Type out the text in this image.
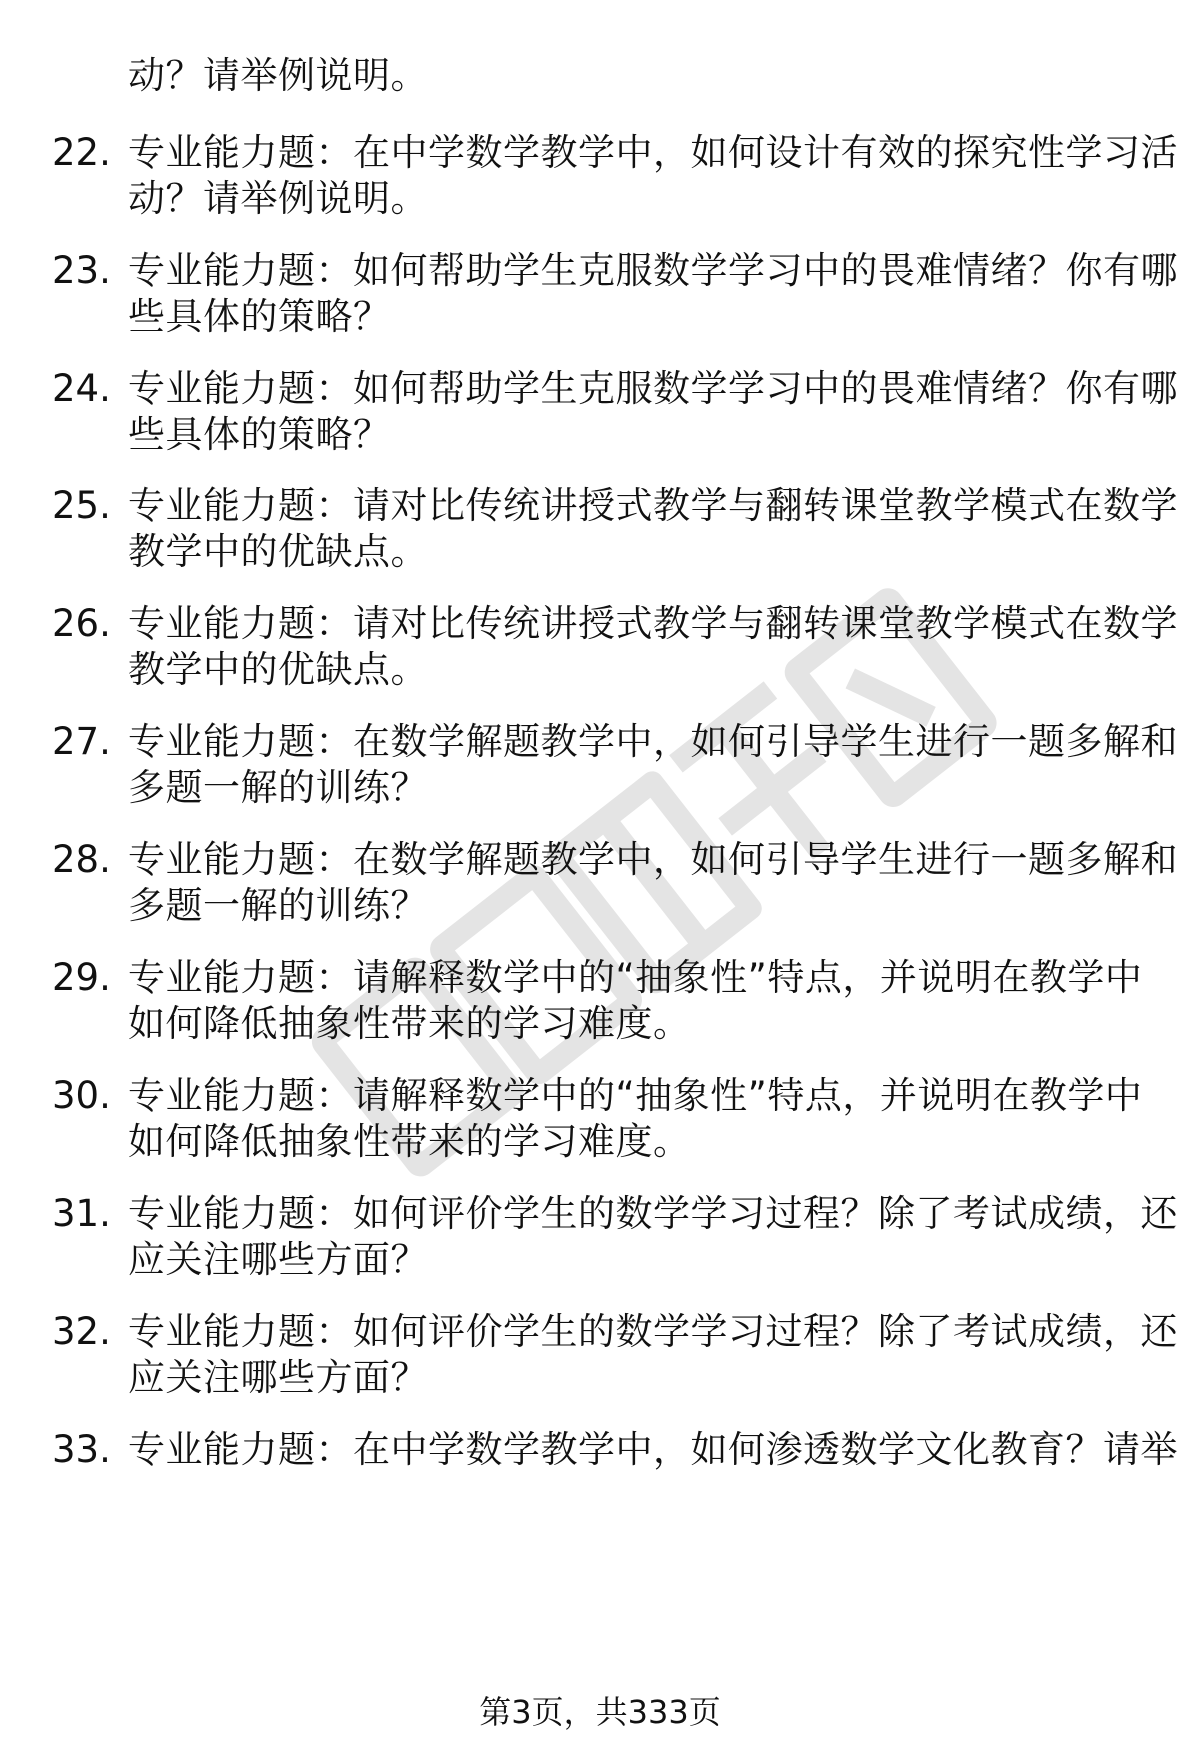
动？请举例说明。
22. 专业能力题：在中学数学教学中，如何设计有效的探究性学习活
动？请举例说明。
23. 专业能力题：如何帮助学生克服数学学习中的畏难情绪？你有哪
些具体的策略？
24. 专业能力题：如何帮助学生克服数学学习中的畏难情绪？你有哪
些具体的策略？
25. 专业能力题：请对比传统讲授式教学与翻转课堂教学模式在数学
教学中的优缺点。
26. 专业能力题：请对比传统讲授式教学与翻转课堂教学模式在数学
教学中的优缺点。
27. 专业能力题：在数学解题教学中，如何引导学生进行一题多解和
多题一解的训练？
28. 专业能力题：在数学解题教学中，如何引导学生进行一题多解和
多题一解的训练？
29. 专业能力题：请解释数学中的“抽象性”特点，并说明在教学中
如何降低抽象性带来的学习难度。
30. 专业能力题：请解释数学中的“抽象性”特点，并说明在教学中
如何降低抽象性带来的学习难度。
31. 专业能力题：如何评价学生的数学学习过程？除了考试成绩，还
应关注哪些方面？
32. 专业能力题：如何评价学生的数学学习过程？除了考试成绩，还
应关注哪些方面？
33. 专业能力题：在中学数学教学中，如何渗透数学文化教育？请举
第3页，共333页
